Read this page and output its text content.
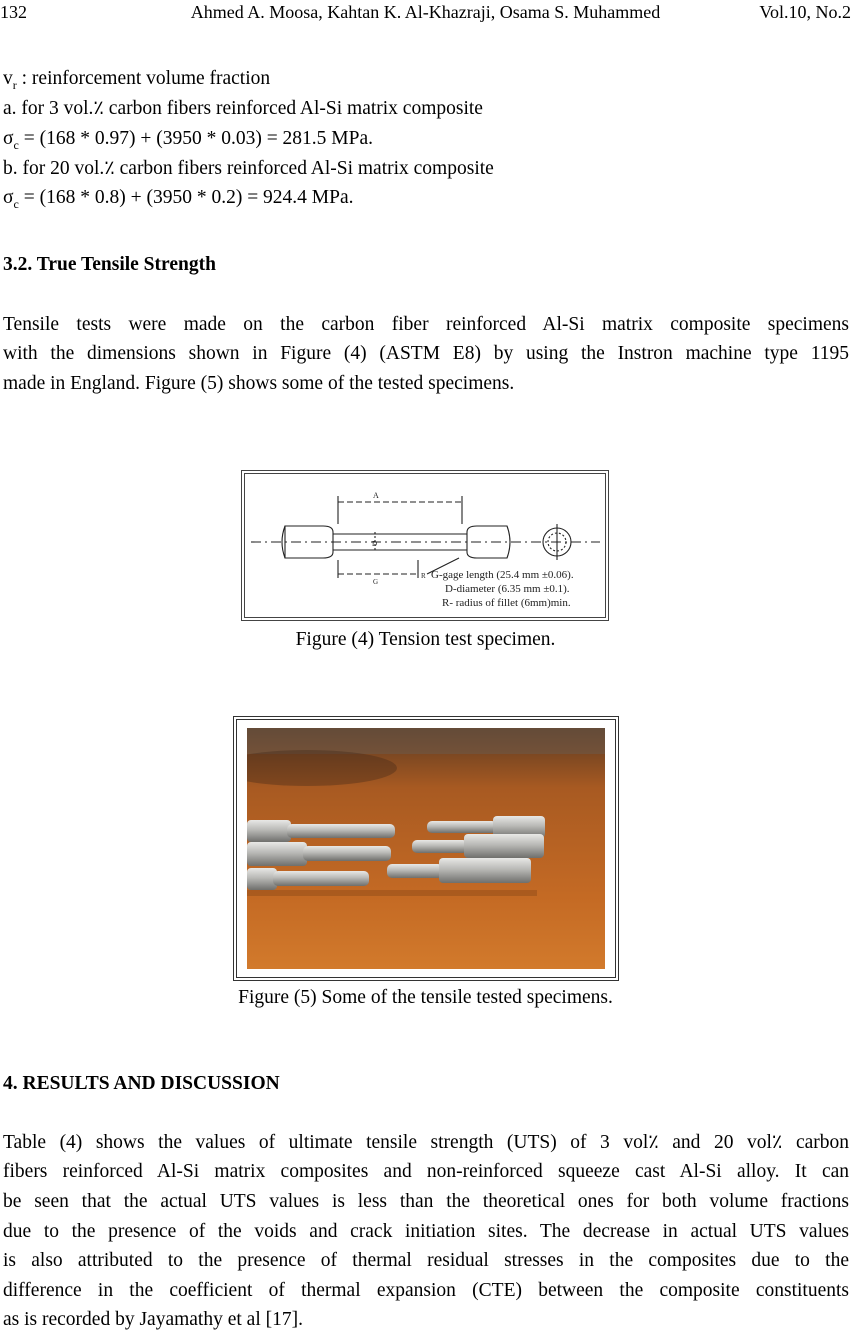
132	Ahmed A. Moosa, Kahtan K. Al-Khazraji, Osama S. Muhammed	Vol.10, No.2
$v_r$ : reinforcement volume fraction
a. for 3 vol.٪ carbon fibers reinforced Al-Si matrix composite
$\sigma_c = (168 * 0.97) + (3950 * 0.03) = 281.5$ MPa.
b. for 20 vol.٪ carbon fibers reinforced Al-Si matrix composite
$\sigma_c = (168 * 0.8) + (3950 * 0.2) = 924.4$ MPa.
3.2. True Tensile Strength
Tensile tests were made on the carbon fiber reinforced Al-Si matrix composite specimens
with the dimensions shown in Figure (4) (ASTM E8) by using the Instron machine type 1195
made in England. Figure (5) shows some of the tested specimens.
A
D
G
R G-gage length (25.4 mm ±0.06).
D-diameter (6.35 mm ±0.1).
R- radius of fillet (6mm)min.
Figure (4) Tension test specimen.
Figure (5) Some of the tensile tested specimens.
4. RESULTS AND DISCUSSION
Table (4) shows the values of ultimate tensile strength (UTS) of 3 vol٪ and 20 vol٪ carbon
fibers reinforced Al-Si matrix composites and non-reinforced squeeze cast Al-Si alloy. It can
be seen that the actual UTS values is less than the theoretical ones for both volume fractions
due to the presence of the voids and crack initiation sites. The decrease in actual UTS values
is also attributed to the presence of thermal residual stresses in the composites due to the
difference in the coefficient of thermal expansion (CTE) between the composite constituents
as is recorded by Jayamathy et al [17].
